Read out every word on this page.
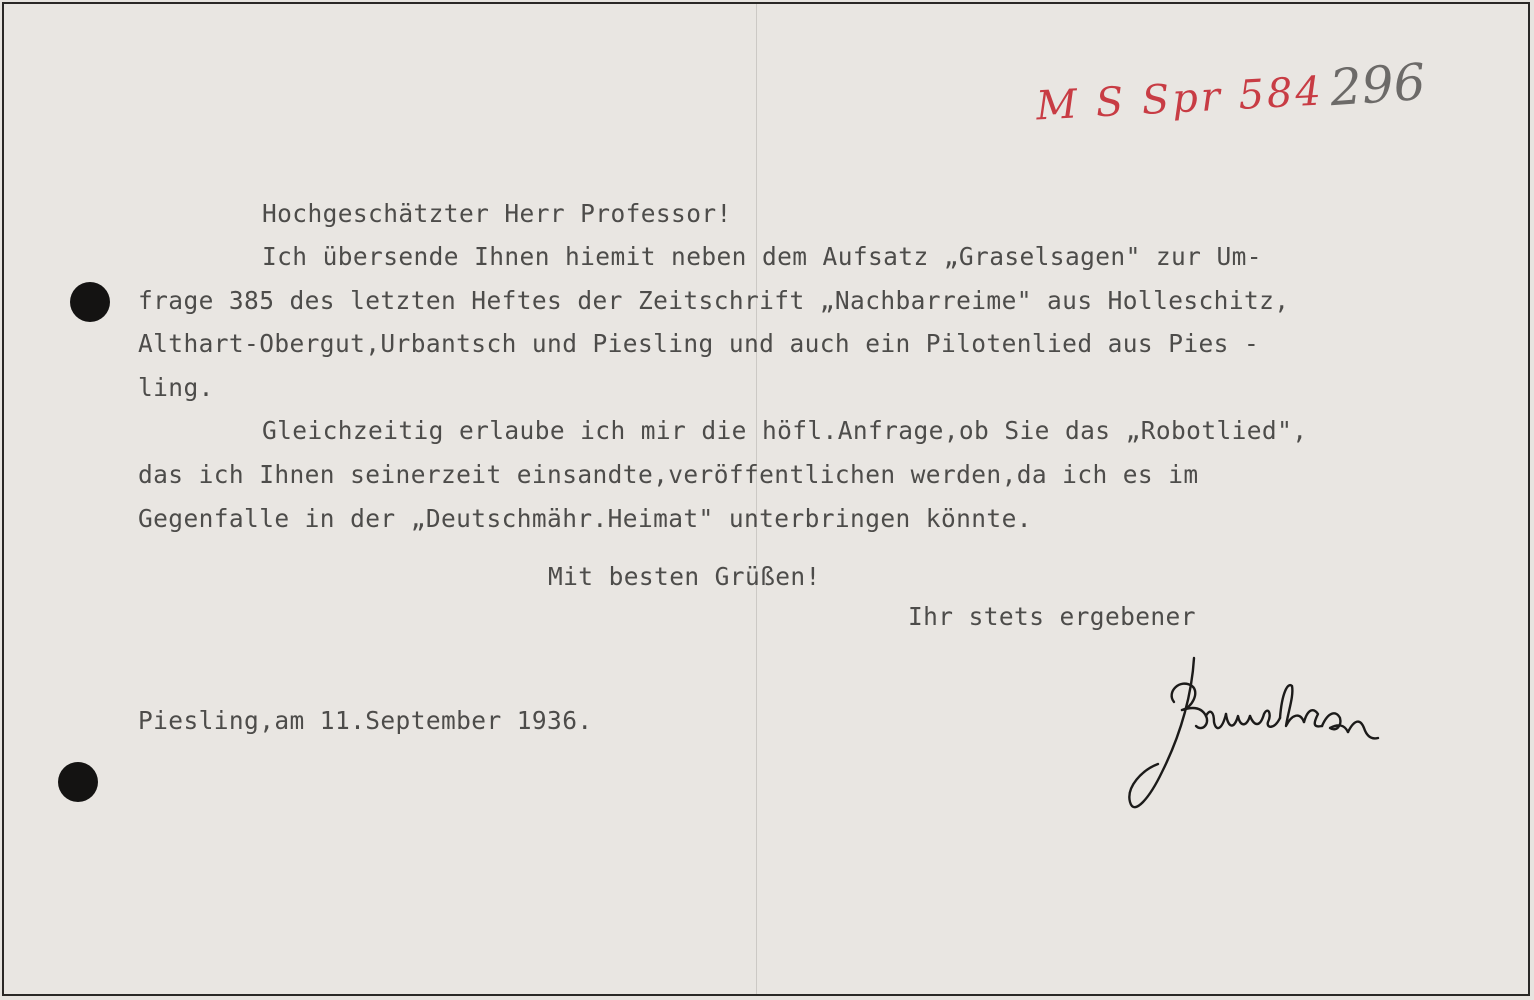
M S Spr 584 296
Hochgeschätzter Herr Professor!
Ich übersende Ihnen hiemit neben dem Aufsatz „Graselsagen" zur Um-
frage 385 des letzten Heftes der Zeitschrift „Nachbarreime" aus Holleschitz,
Althart-Obergut,Urbantsch und Piesling und auch ein Pilotenlied aus Pies -
ling.
Gleichzeitig erlaube ich mir die höfl.Anfrage,ob Sie das „Robotlied",
das ich Ihnen seinerzeit einsandte,veröffentlichen werden,da ich es im
Gegenfalle in der „Deutschmähr.Heimat" unterbringen könnte.
Mit besten Grüßen!
Ihr stets ergebener
Piesling,am 11.September 1936.
